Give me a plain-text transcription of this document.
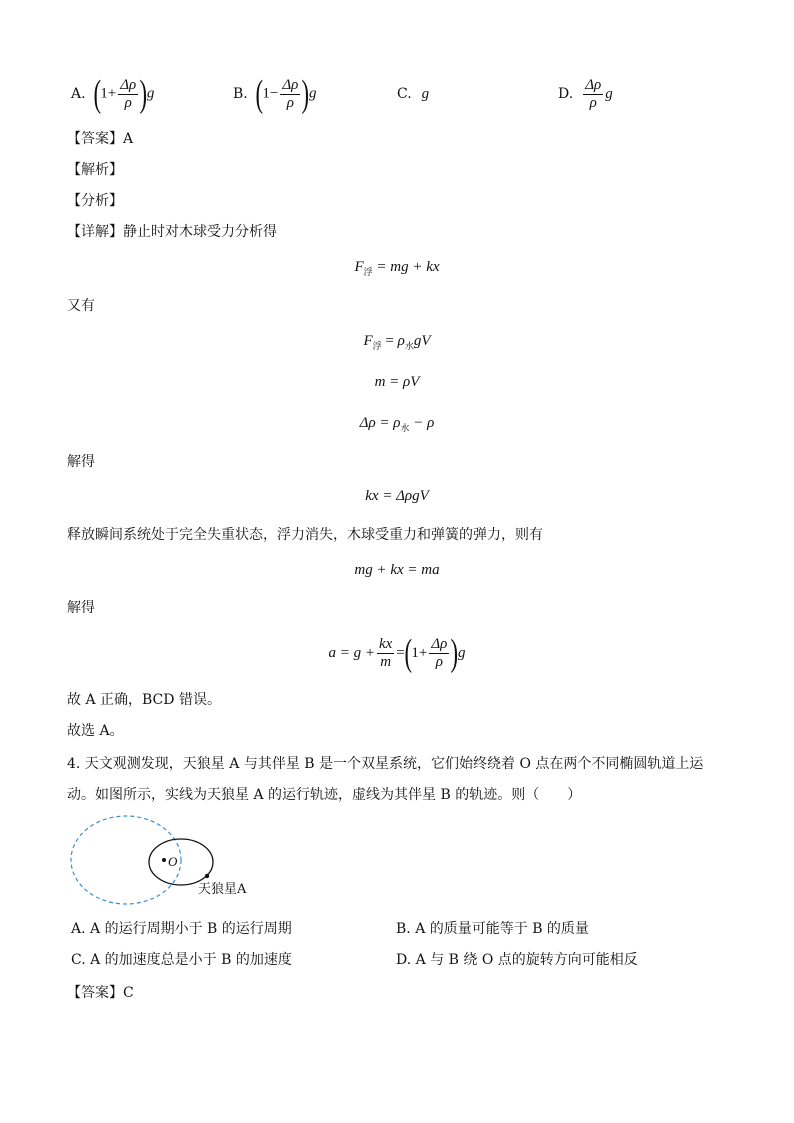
A. $(1+ \frac{\Delta\rho}{\rho} )g$	B. $(1- \frac{\Delta\rho}{\rho} )g$	C. g	D. $\frac{\Delta\rho}{\rho}$ g
【答案】A
【解析】
【分析】
【详解】静止时对木球受力分析得
$F_浮$ = mg + kx
又有
$F_浮 = \rho_水gV$
m = ρV
$\Delta\rho = \rho_水 - \rho$
解得
kx = ΔρgV
释放瞬间系统处于完全失重状态，浮力消失，木球受重力和弹簧的弹力，则有
mg + kx = ma
解得
$a = g + \frac{kx}{m}$ = ( $1 + \frac{\Delta\rho}{\rho}$ ) g
故 A 正确，BCD 错误。
故选 A。
4. 天文观测发现，天狼星 A 与其伴星 B 是一个双星系统，它们始终绕着 O 点在两个不同椭圆轨道上运
动。如图所示，实线为天狼星 A 的运行轨迹，虚线为其伴星 B 的轨迹。则（　　）
O
天狼星A
A. A 的运行周期小于 B 的运行周期	B. A 的质量可能等于 B 的质量
C. A 的加速度总是小于 B 的加速度	D. A 与 B 绕 O 点的旋转方向可能相反
【答案】C
